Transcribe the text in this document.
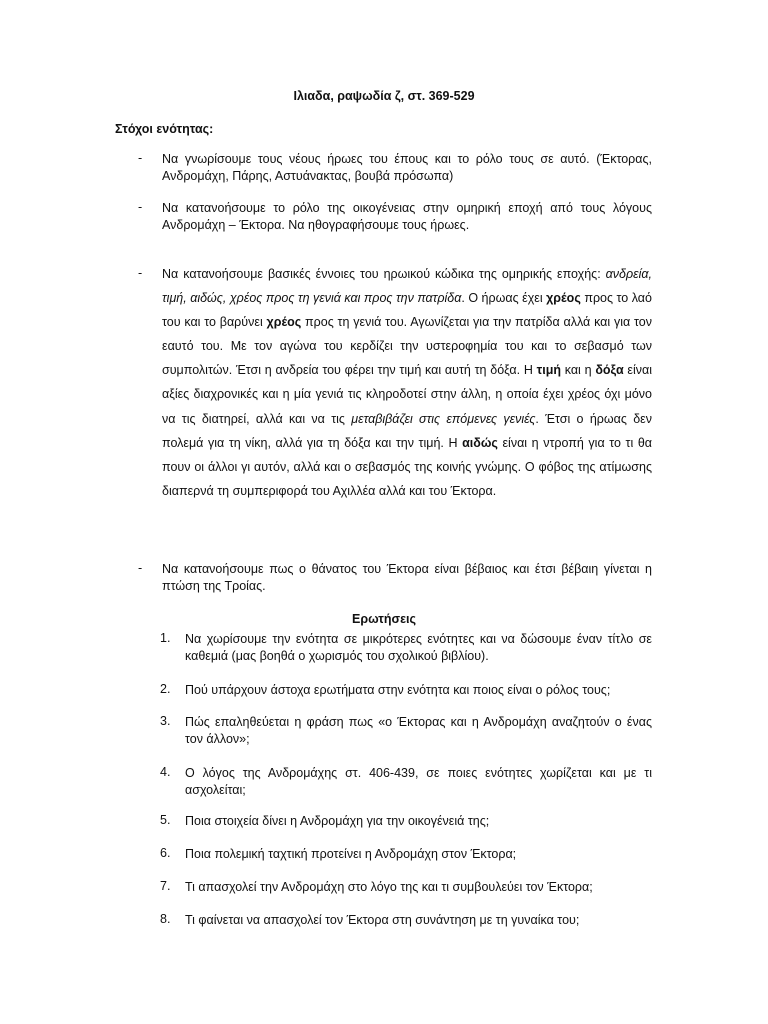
Ιλιαδα, ραψωδία ζ, στ. 369-529
Στόχοι ενότητας:
- Να γνωρίσουμε τους νέους ήρωες του έπους και το ρόλο τους σε αυτό. (Έκτορας, Ανδρομάχη, Πάρης, Αστυάνακτας, βουβά πρόσωπα)
- Να κατανοήσουμε το ρόλο της οικογένειας στην ομηρική εποχή από τους λόγους Ανδρομάχη – Έκτορα. Να ηθογραφήσουμε τους ήρωες.
- Να κατανοήσουμε βασικές έννοιες του ηρωικού κώδικα της ομηρικής εποχής: ανδρεία, τιμή, αιδώς, χρέος προς τη γενιά και προς την πατρίδα. Ο ήρωας έχει χρέος προς το λαό του και το βαρύνει χρέος προς τη γενιά του. Αγωνίζεται για την πατρίδα αλλά και για τον εαυτό του. Με τον αγώνα του κερδίζει την υστεροφημία του και το σεβασμό των συμπολιτών. Έτσι η ανδρεία του φέρει την τιμή και αυτή τη δόξα. Η τιμή και η δόξα είναι αξίες διαχρονικές και η μία γενιά τις κληροδοτεί στην άλλη, η οποία έχει χρέος όχι μόνο να τις διατηρεί, αλλά και να τις μεταβιβάζει στις επόμενες γενιές. Έτσι ο ήρωας δεν πολεμά για τη νίκη, αλλά για τη δόξα και την τιμή. Η αιδώς είναι η ντροπή για το τι θα πουν οι άλλοι γι αυτόν, αλλά και ο σεβασμός της κοινής γνώμης. Ο φόβος της ατίμωσης διαπερνά τη συμπεριφορά του Αχιλλέα αλλά και του Έκτορα.
- Να κατανοήσουμε πως ο θάνατος του Έκτορα είναι βέβαιος και έτσι βέβαιη γίνεται η πτώση της Τροίας.
Ερωτήσεις
1. Να χωρίσουμε την ενότητα σε μικρότερες ενότητες και να δώσουμε έναν τίτλο σε καθεμιά (μας βοηθά ο χωρισμός του σχολικού βιβλίου).
2. Πού υπάρχουν άστοχα ερωτήματα στην ενότητα και ποιος είναι ο ρόλος τους;
3. Πώς επαληθεύεται η φράση πως «ο Έκτορας και η Ανδρομάχη αναζητούν ο ένας τον άλλον»;
4. Ο λόγος της Ανδρομάχης στ. 406-439, σε ποιες ενότητες χωρίζεται και με τι ασχολείται;
5. Ποια στοιχεία δίνει η Ανδρομάχη για την οικογένειά της;
6. Ποια πολεμική ταχτική προτείνει η Ανδρομάχη στον Έκτορα;
7. Τι απασχολεί την Ανδρομάχη στο λόγο της και τι συμβουλεύει τον Έκτορα;
8. Τι φαίνεται να απασχολεί τον Έκτορα στη συνάντηση με τη γυναίκα του;
